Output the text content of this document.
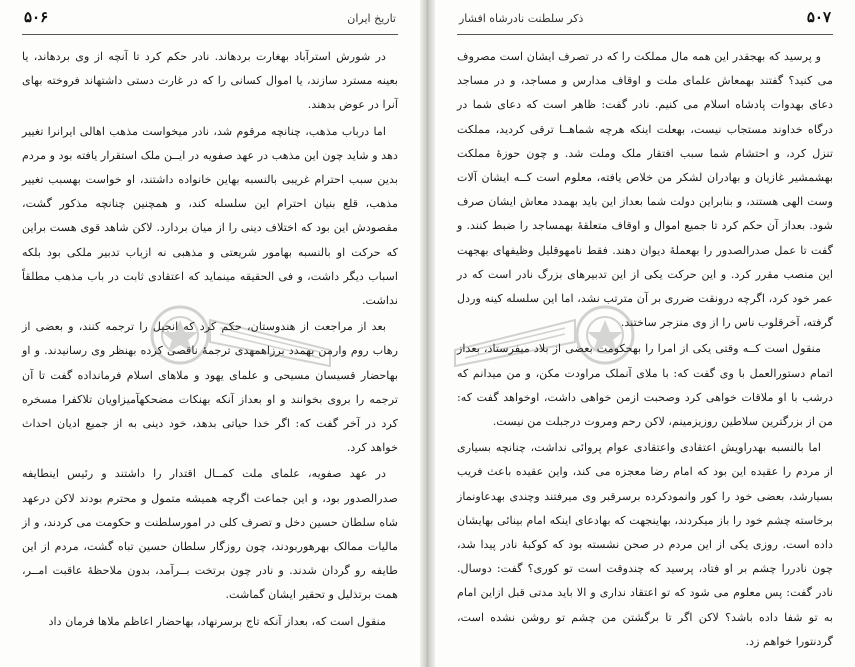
۵۰۷
ذکر سلطنت نادرشاه افشار

و پرسید که بهجقدر این همه مال مملکت را که در تصرف ایشان است مصروف می کنید؟ گفتند بهمعاش علمای ملت و اوقاف مدارس و مساجد، و در مساجد دعای بهدوات پادشاه اسلام می کنیم. نادر گفت: ظاهر است که دعای شما در درگاه خداوند مستجاب نیست، بهعلت اینکه هرچه شماهــا ترقی کردید، مملکت تنزل کرد، و احتشام شما سبب افتقار ملک وملت شد. و چون حوزهٔ مملکت بهشمشیر غازیان و بهادران لشکر من خلاص یافته، معلوم است کــه ایشان آلات وست الهی هستند، و بنابراین دولت شما بعداز این باید بهمدد معاش ایشان صرف شود. بعداز آن حکم کرد تا جمیع اموال و اوقاف متعلقهٔ بهمساجد را ضبط کنند. و گفت تا عمل صدرالصدور را بهعملهٔ دیوان دهند. فقط نامهوقلیل وظیفهای بهجهت این منصب مقرر کرد. و این حرکت یکی از این تدبیرهای بزرگ نادر است که در عمر خود کرد، اگرچه درونقت ضرری بر آن مترتب نشد، اما این سلسله کینه وردل گرفته، آخرقلوب ناس را از وی منزجر ساختند.

منقول است کــه وقتی یکی از امرا را بهحکومت بعضی از بلاد میفرستاد، بعداز اتمام دستورالعمل با وی گفت که: با ملای آنملک مراودت مکن، و من میدانم که درشب با او ملاقات خواهی کرد وصحبت ازمن خواهی داشت، اوخواهد گفت که: من از بزرگترین سلاطین روزیزمینم، لاکن رحم ومروت درجبلت من نیست.

اما بالنسبه بهدراویش اعتقادی واعتقادی عوام پروائی نداشت، چنانچه بسیاری از مردم را عقیده این بود که امام رضا معجزه می کند، واین عقیده باعث فریب بسیارشد، بعضی خود را کور وانمودکرده برسرقبر وی میرفتند وچندی بهدعاونماز برخاسته چشم خود را باز میکردند، بهاینجهت که بهادعای اینکه امام بینائی بهایشان داده است. روزی یکی از این مردم در صحن نشسته بود که کوکبهٔ نادر پیدا شد، چون نادررا چشم بر او فتاد، پرسید که چندوقت است تو کوری؟ گفت: دوسال. نادر گفت: پس معلوم می شود که تو اعتقاد نداری و الا باید مدتی قبل ازاین امام به تو شفا داده باشد؟ لاکن اگر تا برگشتن من چشم تو روشن نشده است، گردنتورا خواهم زد.

تاریخ ایران
۵۰۶

در شورش استرآباد بهغارت بردهاند. نادر حکم کرد تا آنچه از وی بردهاند، یا بعینه مسترد سازند، یا اموال کسانی را که در غارت دستی داشتهاند فروخته بهای آنرا در عوض بدهند.

اما درباب مذهب، چنانچه مرقوم شد، نادر میخواست مذهب اهالی ایرانرا تغییر دهد و شاید چون این مذهب در عهد صفویه در ایــن ملک استقرار یافته بود و مردم بدین سبب احترام غریبی بالنسبه بهاین خانواده داشتند، او خواست بهسبب تغییر مذهب، قلع بنیان احترام این سلسله کند، و همچنین چنانچه مذکور گشت، مقصودش این بود که اختلاف دینی را از میان بردارد. لاکن شاهد قوی هست براین که حرکت او بالنسبه بهامور شریعتی و مذهبی نه ازباب تدبیر ملکی بود بلکه اسباب دیگر داشت، و فی الحقیقه مینماید که اعتقادی ثابت در باب مذهب مطلقاً نداشت.

بعد از مراجعت از هندوستان، حکم کرد که انجیل را ترجمه کنند، و بعضی از رهاب روم وارمن بهمدد برزاهمهدی ترجمهٔ ناقصی کرده بهنظر وی رسانیدند. و او بهاحضار قسیسان مسیحی و علمای یهود و ملاهای اسلام فرمانداده گفت تا آن ترجمه را بروی بخوانند و او بعداز آنکه بهنکات مضحکهآمیزاویان تلاکفرا مسخره کرد در آخر گفت که: اگر خدا حیاتی بدهد، خود دینی به از جمیع ادیان احداث خواهد کرد.

در عهد صفویه، علمای ملت کمــال اقتدار را داشتند و رئیس اینطایفه صدرالصدور بود، و این جماعت اگرچه همیشه متمول و محترم بودند لاکن درعهد شاه سلطان حسین دخل و تصرف کلی در امورسلطنت و حکومت می کردند، و از مالیات ممالک بهرهوربودند، چون روزگار سلطان حسین تباه گشت، مردم از این طایفه رو گردان شدند. و نادر چون برتخت بــرآمد، بدون ملاحظهٔ عاقبت امــر، همت برتذلیل و تحقیر ایشان گماشت.

منقول است که، بعداز آنکه تاج برسرنهاد، بهاحضار اعاظم ملاها فرمان داد
